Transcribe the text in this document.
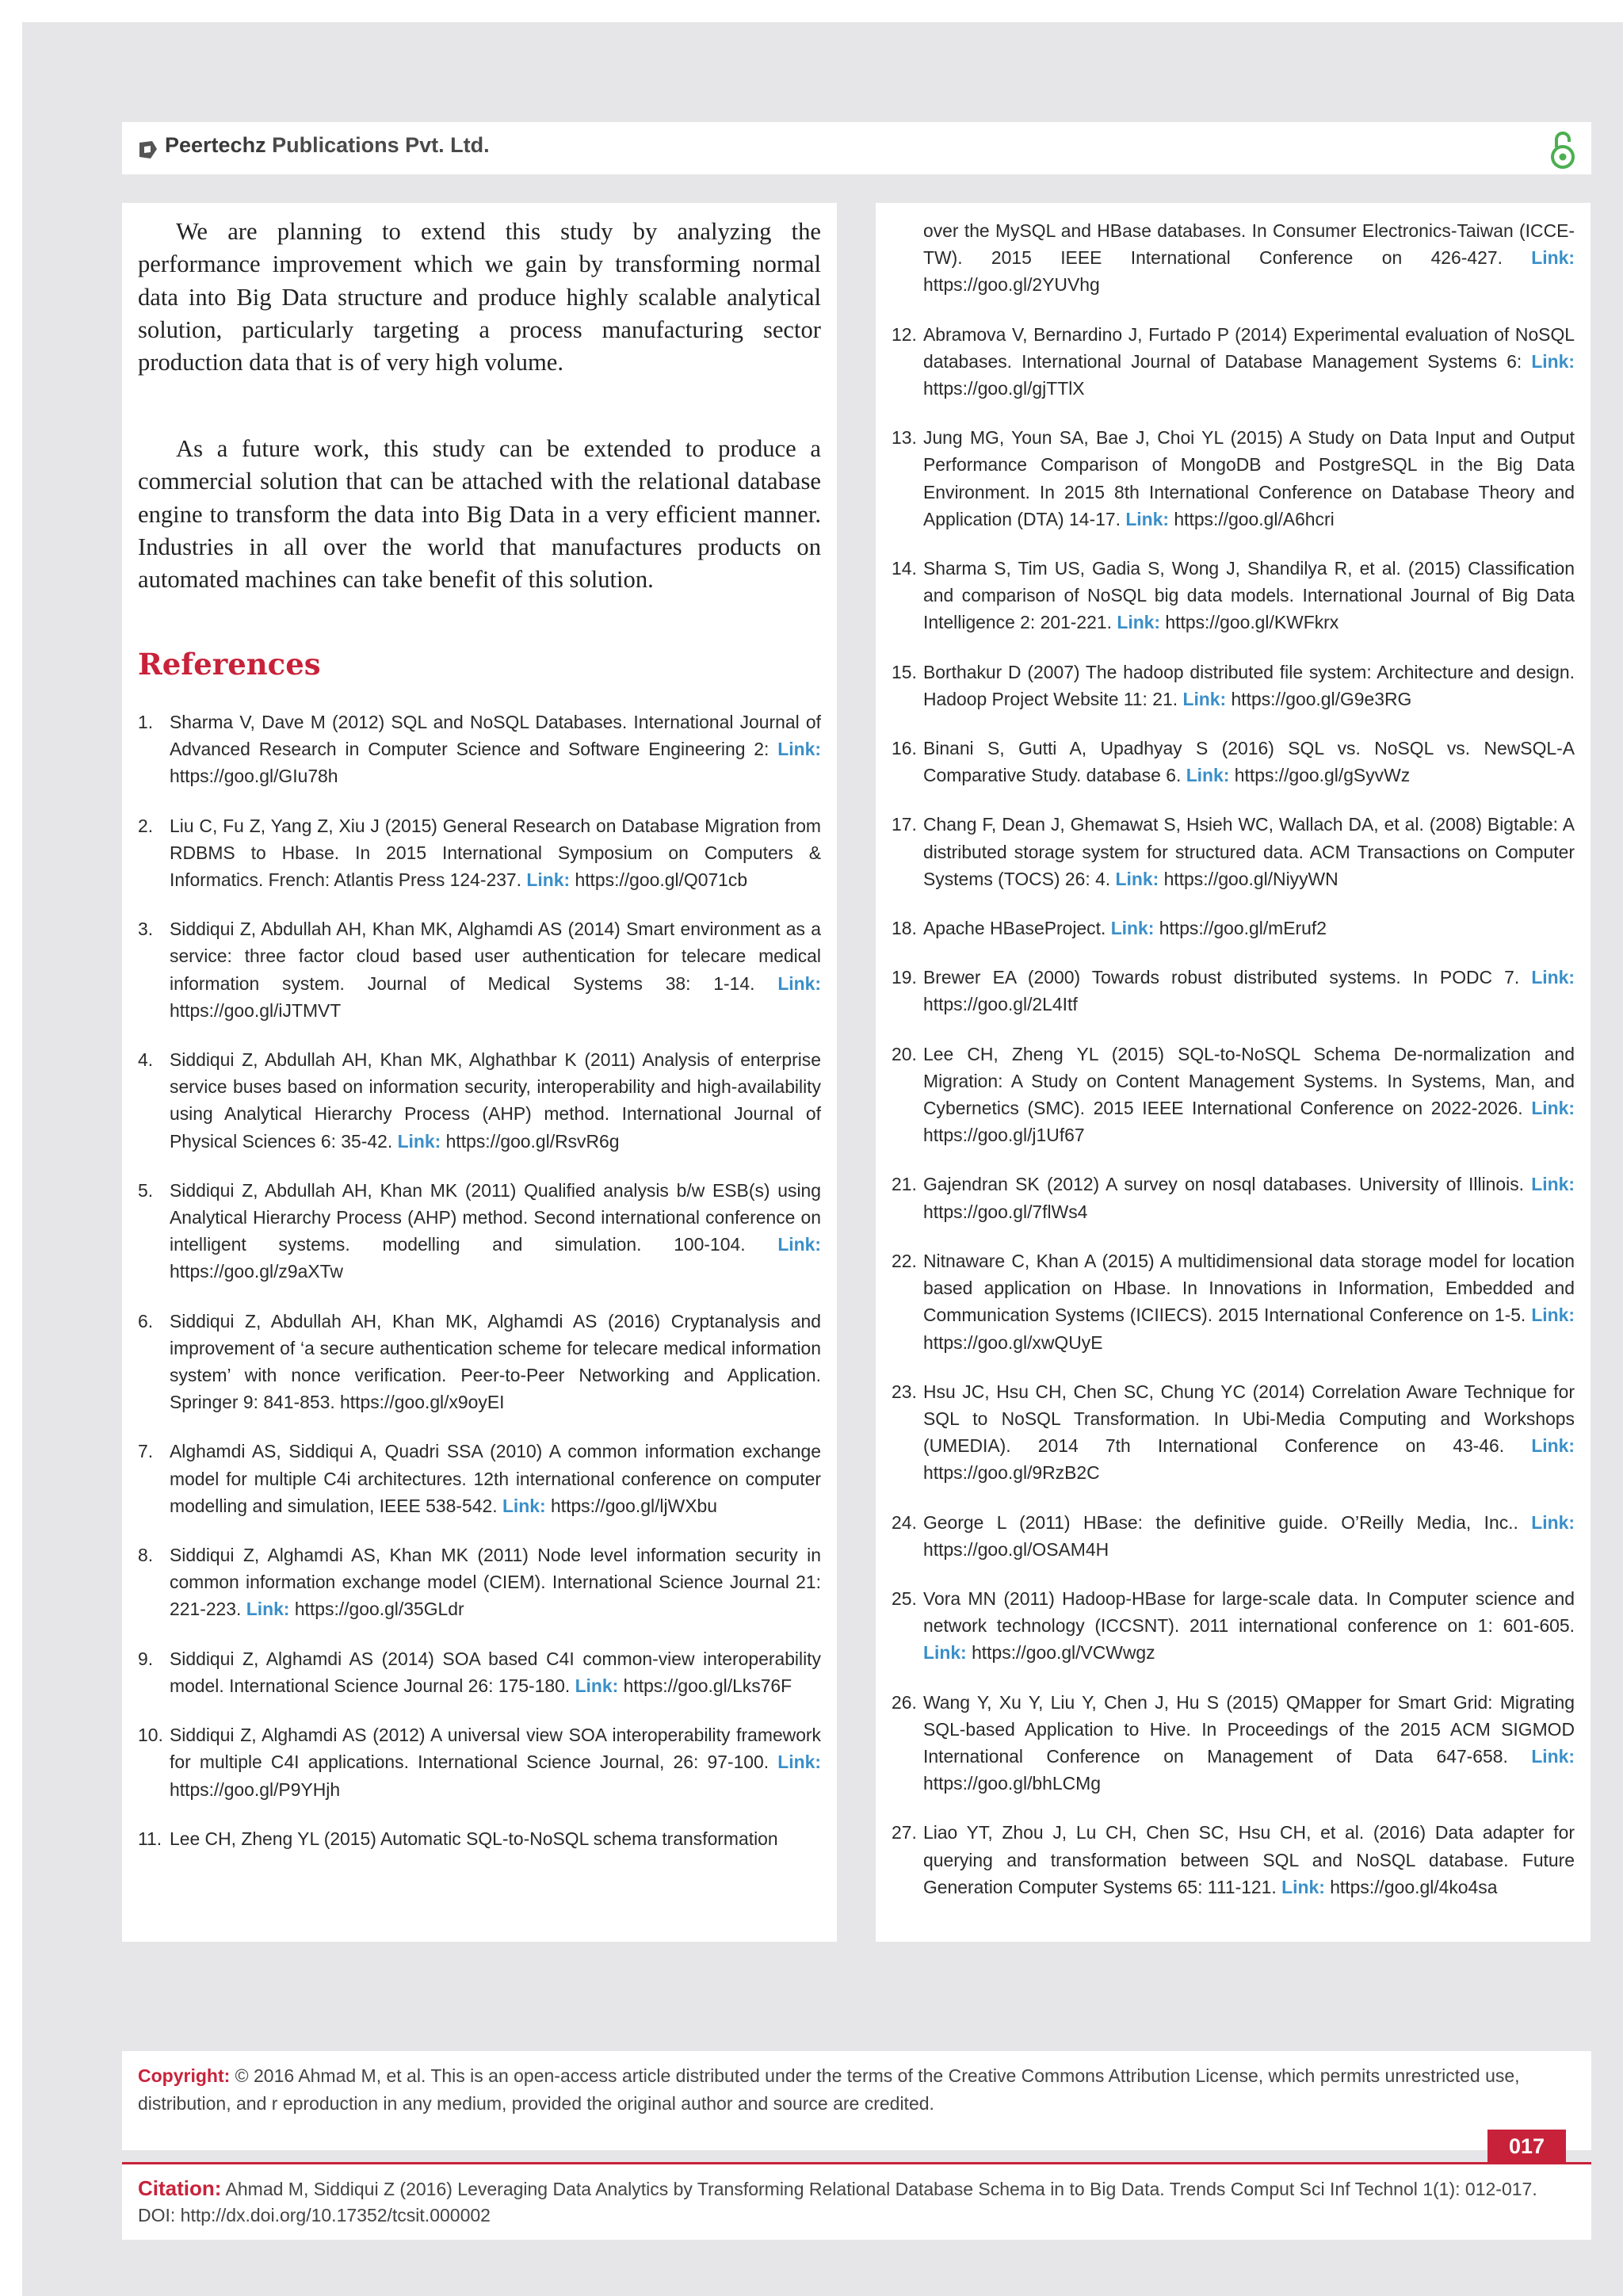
Peertechz Publications Pvt. Ltd.

We are planning to extend this study by analyzing the performance improvement which we gain by transforming normal data into Big Data structure and produce highly scalable analytical solution, particularly targeting a process manufacturing sector production data that is of very high volume.

As a future work, this study can be extended to produce a commercial solution that can be attached with the relational database engine to transform the data into Big Data in a very efficient manner. Industries in all over the world that manufactures products on automated machines can take benefit of this solution.

References
1. Sharma V, Dave M (2012) SQL and NoSQL Databases. International Journal of Advanced Research in Computer Science and Software Engineering 2: Link: https://goo.gl/GIu78h
2. Liu C, Fu Z, Yang Z, Xiu J (2015) General Research on Database Migration from RDBMS to Hbase. In 2015 International Symposium on Computers & Informatics. French: Atlantis Press 124-237. Link: https://goo.gl/Q071cb
3. Siddiqui Z, Abdullah AH, Khan MK, Alghamdi AS (2014) Smart environment as a service: three factor cloud based user authentication for telecare medical information system. Journal of Medical Systems 38: 1-14. Link: https://goo.gl/iJTMVT
4. Siddiqui Z, Abdullah AH, Khan MK, Alghathbar K (2011) Analysis of enterprise service buses based on information security, interoperability and high-availability using Analytical Hierarchy Process (AHP) method. International Journal of Physical Sciences 6: 35-42. Link: https://goo.gl/RsvR6g
5. Siddiqui Z, Abdullah AH, Khan MK (2011) Qualified analysis b/w ESB(s) using Analytical Hierarchy Process (AHP) method. Second international conference on intelligent systems. modelling and simulation. 100-104. Link: https://goo.gl/z9aXTw
6. Siddiqui Z, Abdullah AH, Khan MK, Alghamdi AS (2016) Cryptanalysis and improvement of ‘a secure authentication scheme for telecare medical information system’ with nonce verification. Peer-to-Peer Networking and Application. Springer 9: 841-853. https://goo.gl/x9oyEI
7. Alghamdi AS, Siddiqui A, Quadri SSA (2010) A common information exchange model for multiple C4i architectures. 12th international conference on computer modelling and simulation, IEEE 538-542. Link: https://goo.gl/ljWXbu
8. Siddiqui Z, Alghamdi AS, Khan MK (2011) Node level information security in common information exchange model (CIEM). International Science Journal 21: 221-223. Link: https://goo.gl/35GLdr
9. Siddiqui Z, Alghamdi AS (2014) SOA based C4I common-view interoperability model. International Science Journal 26: 175-180. Link: https://goo.gl/Lks76F
10. Siddiqui Z, Alghamdi AS (2012) A universal view SOA interoperability framework for multiple C4I applications. International Science Journal, 26: 97-100. Link: https://goo.gl/P9YHjh
11. Lee CH, Zheng YL (2015) Automatic SQL-to-NoSQL schema transformation
over the MySQL and HBase databases. In Consumer Electronics-Taiwan (ICCE-TW). 2015 IEEE International Conference on 426-427. Link: https://goo.gl/2YUVhg
12. Abramova V, Bernardino J, Furtado P (2014) Experimental evaluation of NoSQL databases. International Journal of Database Management Systems 6: Link: https://goo.gl/gjTTlX
13. Jung MG, Youn SA, Bae J, Choi YL (2015) A Study on Data Input and Output Performance Comparison of MongoDB and PostgreSQL in the Big Data Environment. In 2015 8th International Conference on Database Theory and Application (DTA) 14-17. Link: https://goo.gl/A6hcri
14. Sharma S, Tim US, Gadia S, Wong J, Shandilya R, et al. (2015) Classification and comparison of NoSQL big data models. International Journal of Big Data Intelligence 2: 201-221. Link: https://goo.gl/KWFkrx
15. Borthakur D (2007) The hadoop distributed file system: Architecture and design. Hadoop Project Website 11: 21. Link: https://goo.gl/G9e3RG
16. Binani S, Gutti A, Upadhyay S (2016) SQL vs. NoSQL vs. NewSQL-A Comparative Study. database 6. Link: https://goo.gl/gSyvWz
17. Chang F, Dean J, Ghemawat S, Hsieh WC, Wallach DA, et al. (2008) Bigtable: A distributed storage system for structured data. ACM Transactions on Computer Systems (TOCS) 26: 4. Link: https://goo.gl/NiyyWN
18. Apache HBaseProject. Link: https://goo.gl/mEruf2
19. Brewer EA (2000) Towards robust distributed systems. In PODC 7. Link: https://goo.gl/2L4Itf
20. Lee CH, Zheng YL (2015) SQL-to-NoSQL Schema De-normalization and Migration: A Study on Content Management Systems. In Systems, Man, and Cybernetics (SMC). 2015 IEEE International Conference on 2022-2026. Link: https://goo.gl/j1Uf67
21. Gajendran SK (2012) A survey on nosql databases. University of Illinois. Link: https://goo.gl/7flWs4
22. Nitnaware C, Khan A (2015) A multidimensional data storage model for location based application on Hbase. In Innovations in Information, Embedded and Communication Systems (ICIIECS). 2015 International Conference on 1-5. Link: https://goo.gl/xwQUyE
23. Hsu JC, Hsu CH, Chen SC, Chung YC (2014) Correlation Aware Technique for SQL to NoSQL Transformation. In Ubi-Media Computing and Workshops (UMEDIA). 2014 7th International Conference on 43-46. Link: https://goo.gl/9RzB2C
24. George L (2011) HBase: the definitive guide. O’Reilly Media, Inc.. Link: https://goo.gl/OSAM4H
25. Vora MN (2011) Hadoop-HBase for large-scale data. In Computer science and network technology (ICCSNT). 2011 international conference on 1: 601-605. Link: https://goo.gl/VCWwgz
26. Wang Y, Xu Y, Liu Y, Chen J, Hu S (2015) QMapper for Smart Grid: Migrating SQL-based Application to Hive. In Proceedings of the 2015 ACM SIGMOD International Conference on Management of Data 647-658. Link: https://goo.gl/bhLCMg
27. Liao YT, Zhou J, Lu CH, Chen SC, Hsu CH, et al. (2016) Data adapter for querying and transformation between SQL and NoSQL database. Future Generation Computer Systems 65: 111-121. Link: https://goo.gl/4ko4sa

Copyright: © 2016 Ahmad M, et al. This is an open-access article distributed under the terms of the Creative Commons Attribution License, which permits unrestricted use, distribution, and r eproduction in any medium, provided the original author and source are credited.

017

Citation: Ahmad M, Siddiqui Z (2016) Leveraging Data Analytics by Transforming Relational Database Schema in to Big Data. Trends Comput Sci Inf Technol 1(1): 012-017. DOI: http://dx.doi.org/10.17352/tcsit.000002
